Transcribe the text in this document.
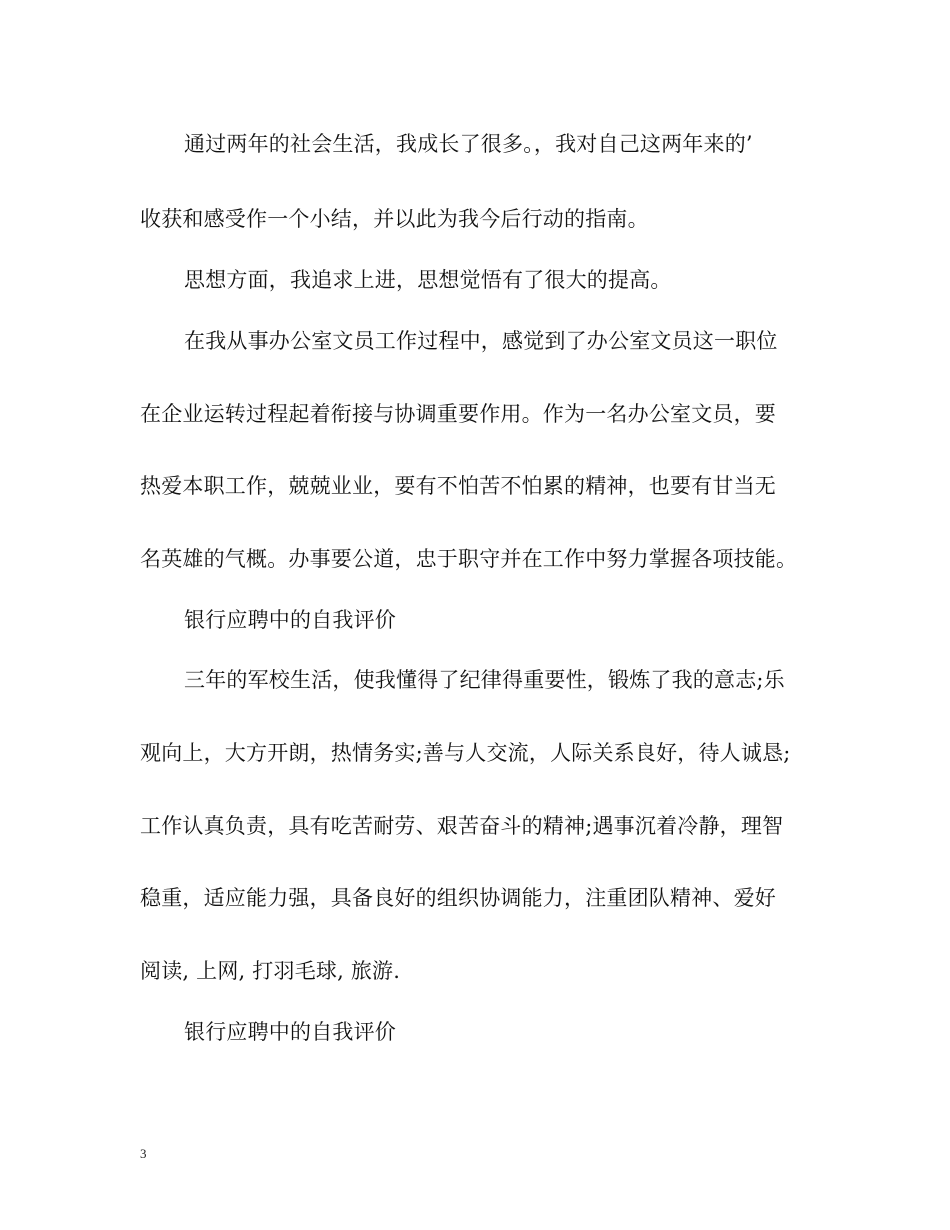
通过两年的社会生活，我成长了很多。，我对自己这两年来的’
收获和感受作一个小结，并以此为我今后行动的指南。
思想方面，我追求上进，思想觉悟有了很大的提高。
在我从事办公室文员工作过程中，感觉到了办公室文员这一职位
在企业运转过程起着衔接与协调重要作用。作为一名办公室文员，要
热爱本职工作，兢兢业业，要有不怕苦不怕累的精神，也要有甘当无
名英雄的气概。办事要公道，忠于职守并在工作中努力掌握各项技能。
银行应聘中的自我评价
三年的军校生活，使我懂得了纪律得重要性，锻炼了我的意志;乐
观向上，大方开朗，热情务实;善与人交流，人际关系良好，待人诚恳;
工作认真负责，具有吃苦耐劳、艰苦奋斗的精神;遇事沉着冷静，理智
稳重，适应能力强，具备良好的组织协调能力，注重团队精神、爱好
阅读, 上网, 打羽毛球, 旅游.
银行应聘中的自我评价
3
